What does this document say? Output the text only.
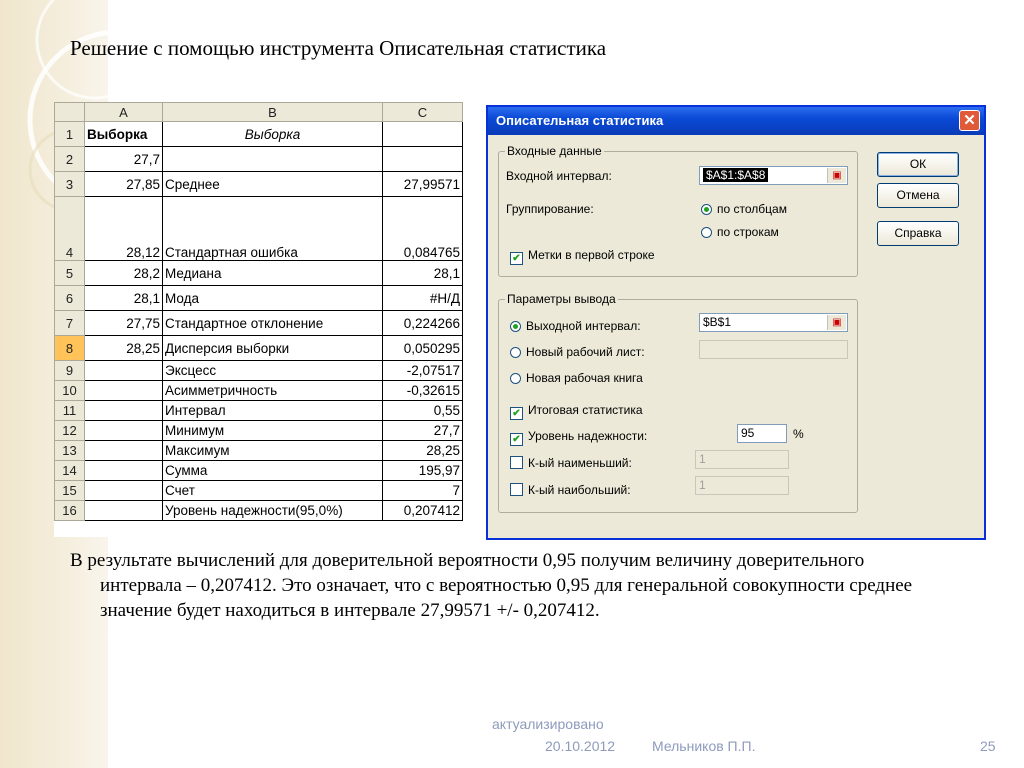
Решение с помощью инструмента Описательная статистика
	A	B	C
1	Выборка	Выборка	
2	27,7		
3	27,85	Среднее	27,99571
4	28,12	Стандартная ошибка	0,084765
5	28,2	Медиана	28,1
6	28,1	Мода	#Н/Д
7	27,75	Стандартное отклонение	0,224266
8	28,25	Дисперсия выборки	0,050295
9		Эксцесс	-2,07517
10		Асимметричность	-0,32615
11		Интервал	0,55
12		Минимум	27,7
13		Максимум	28,25
14		Сумма	195,97
15		Счет	7
16		Уровень надежности(95,0%)	0,207412
Описательная статистика	✕
Входные данные
Входной интервал:	$A$1:$A$8	▣
Группирование:	по столбцам
по строкам
✔ Метки в первой строке
Параметры вывода
Выходной интервал:	$B$1	▣
Новый рабочий лист:
Новая рабочая книга
✔ Итоговая статистика
✔ Уровень надежности:	95	%
К-ый наименьший:	1
К-ый наибольший:	1
ОК
Отмена
Справка
В результате вычислений для доверительной вероятности 0,95 получим величину доверительного интервала – 0,207412. Это означает, что с вероятностью 0,95 для генеральной совокупности среднее значение будет находиться в интервале 27,99571 +/- 0,207412.
актуализировано
20.10.2012	Мельников П.П.	25
